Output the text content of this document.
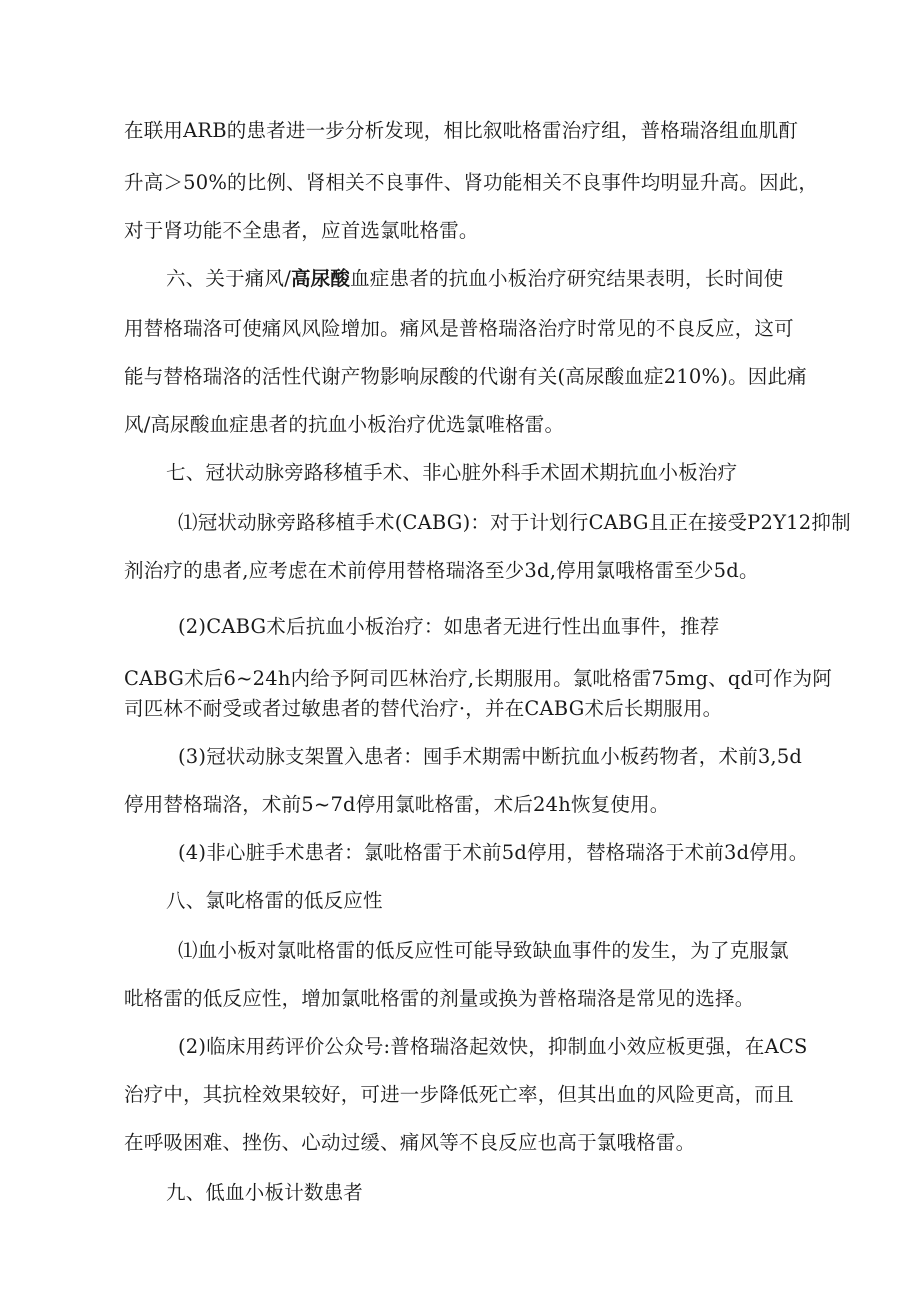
在联用ARB的患者进一步分析发现，相比叙吡格雷治疗组，普格瑞洛组血肌酊
升高＞50%的比例、肾相关不良事件、肾功能相关不良事件均明显升高。因此，
对于肾功能不全患者，应首选氯吡格雷。
六、关于痛风/高尿酸血症患者的抗血小板治疗研究结果表明，长时间使
用替格瑞洛可使痛风风险增加。痛风是普格瑞洛治疗时常见的不良反应，这可
能与替格瑞洛的活性代谢产物影响尿酸的代谢有关(高尿酸血症210%)。因此痛
风/高尿酸血症患者的抗血小板治疗优选氯唯格雷。
七、冠状动脉旁路移植手术、非心脏外科手术固术期抗血小板治疗
⑴冠状动脉旁路移植手术(CABG)：对于计划行CABG且正在接受P2Y12抑制
剂治疗的患者,应考虑在术前停用替格瑞洛至少3d,停用氯哦格雷至少5d。
(2)CABG术后抗血小板治疗：如患者无进行性出血事件，推荐
CABG术后6~24h内给予阿司匹林治疗,长期服用。氯吡格雷75mg、qd可作为阿
司匹林不耐受或者过敏患者的替代治疗·，并在CABG术后长期服用。
(3)冠状动脉支架置入患者：囤手术期需中断抗血小板药物者，术前3,5d
停用替格瑞洛，术前5~7d停用氯吡格雷，术后24h恢复使用。
(4)非心脏手术患者：氯吡格雷于术前5d停用，替格瑞洛于术前3d停用。
八、氯叱格雷的低反应性
⑴血小板对氯吡格雷的低反应性可能导致缺血事件的发生，为了克服氯
吡格雷的低反应性，增加氯吡格雷的剂量或换为普格瑞洛是常见的选择。
(2)临床用药评价公众号:普格瑞洛起效快，抑制血小效应板更强，在ACS
治疗中，其抗栓效果较好，可进一步降低死亡率，但其出血的风险更高，而且
在呼吸困难、挫伤、心动过缓、痛风等不良反应也高于氯哦格雷。
九、低血小板计数患者
